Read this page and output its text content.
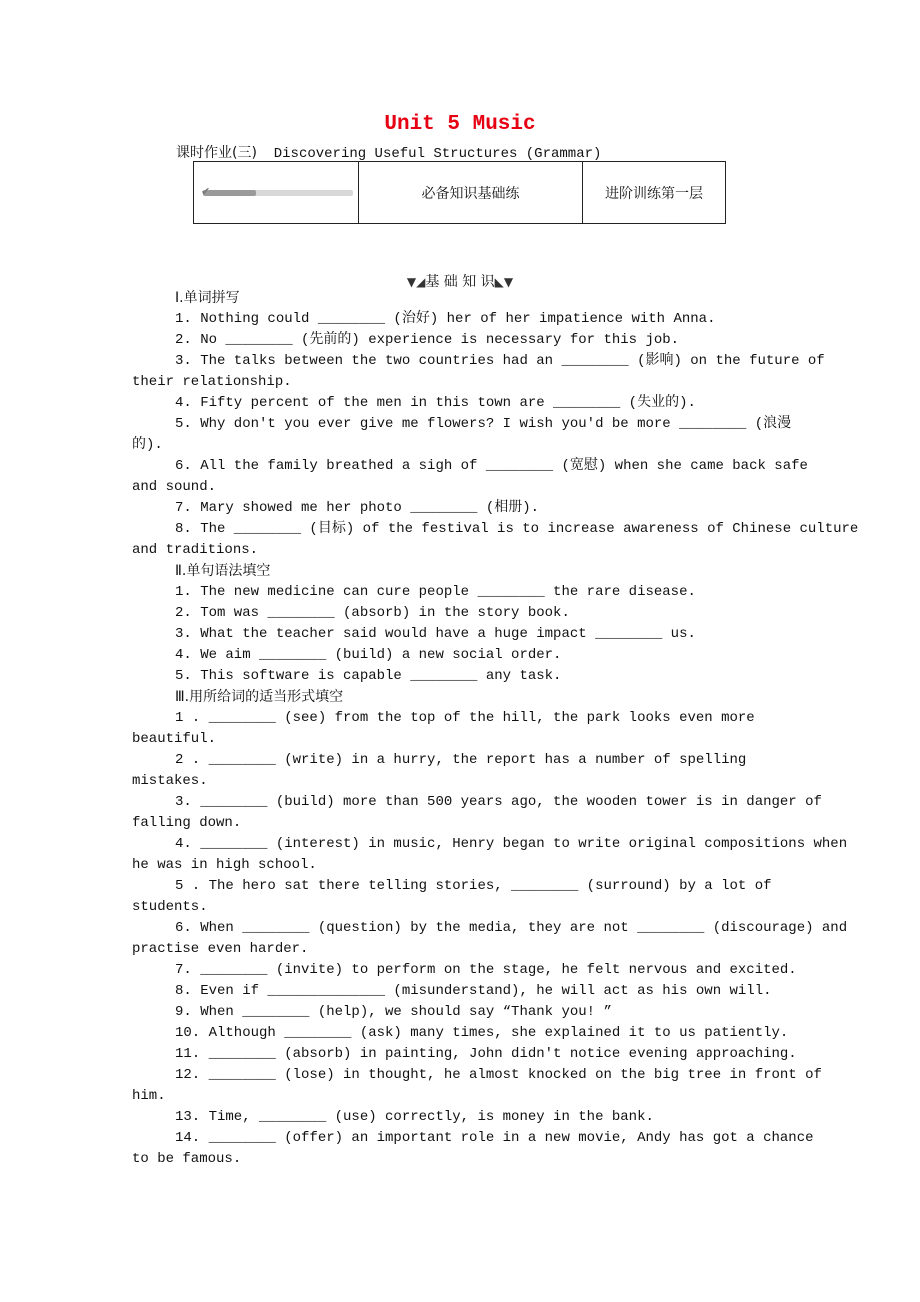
Unit 5 Music
课时作业(三)  Discovering Useful Structures (Grammar)
✔	必备知识基础练	进阶训练第一层
▼◢基 础 知 识◣▼
Ⅰ.单词拼写
1. Nothing could ________ (治好) her of her impatience with Anna.
2. No ________ (先前的) experience is necessary for this job.
3. The talks between the two countries had an ________ (影响) on the future of
their relationship.
4. Fifty percent of the men in this town are ________ (失业的).
5. Why don't you ever give me flowers? I wish you'd be more ________ (浪漫
的).
6. All the family breathed a sigh of ________ (宽慰) when she came back safe
and sound.
7. Mary showed me her photo ________ (相册).
8. The ________ (目标) of the festival is to increase awareness of Chinese culture
and traditions.
Ⅱ.单句语法填空
1. The new medicine can cure people ________ the rare disease.
2. Tom was ________ (absorb) in the story book.
3. What the teacher said would have a huge impact ________ us.
4. We aim ________ (build) a new social order.
5. This software is capable ________ any task.
Ⅲ.用所给词的适当形式填空
1 . ________ (see) from the top of the hill, the park looks even more
beautiful.
2 . ________ (write) in a hurry, the report has a number of spelling
mistakes.
3. ________ (build) more than 500 years ago, the wooden tower is in danger of
falling down.
4. ________ (interest) in music, Henry began to write original compositions when
he was in high school.
5 . The hero sat there telling stories, ________ (surround) by a lot of
students.
6. When ________ (question) by the media, they are not ________ (discourage) and
practise even harder.
7. ________ (invite) to perform on the stage, he felt nervous and excited.
8. Even if ______________ (misunderstand), he will act as his own will.
9. When ________ (help), we should say “Thank you! ”
10. Although ________ (ask) many times, she explained it to us patiently.
11. ________ (absorb) in painting, John didn't notice evening approaching.
12. ________ (lose) in thought, he almost knocked on the big tree in front of
him.
13. Time, ________ (use) correctly, is money in the bank.
14. ________ (offer) an important role in a new movie, Andy has got a chance
to be famous.
